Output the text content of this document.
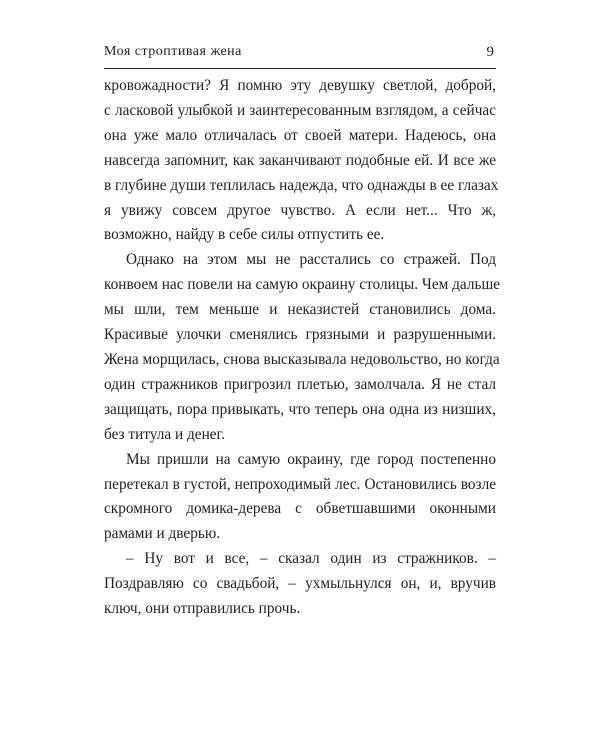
Моя строптивая жена	9

кровожадности? Я помню эту девушку светлой, доброй,
с ласковой улыбкой и заинтересованным взглядом, а сейчас
она уже мало отличалась от своей матери. Надеюсь, она
навсегда запомнит, как заканчивают подобные ей. И все же
в глубине души теплилась надежда, что однажды в ее глазах
я увижу совсем другое чувство. А если нет... Что ж,
возможно, найду в себе силы отпустить ее.

Однако на этом мы не расстались со стражей. Под
конвоем нас повели на самую окраину столицы. Чем дальше
мы шли, тем меньше и неказистей становились дома.
Красивые улочки сменялись грязными и разрушенными.
Жена морщилась, снова высказывала недовольство, но когда
один стражников пригрозил плетью, замолчала. Я не стал
защищать, пора привыкать, что теперь она одна из низших,
без титула и денег.

Мы пришли на самую окраину, где город постепенно
перетекал в густой, непроходимый лес. Остановились возле
скромного домика-дерева с обветшавшими оконными
рамами и дверью.

– Ну вот и все, – сказал один из стражников. –
Поздравляю со свадьбой, – ухмыльнулся он, и, вручив
ключ, они отправились прочь.
